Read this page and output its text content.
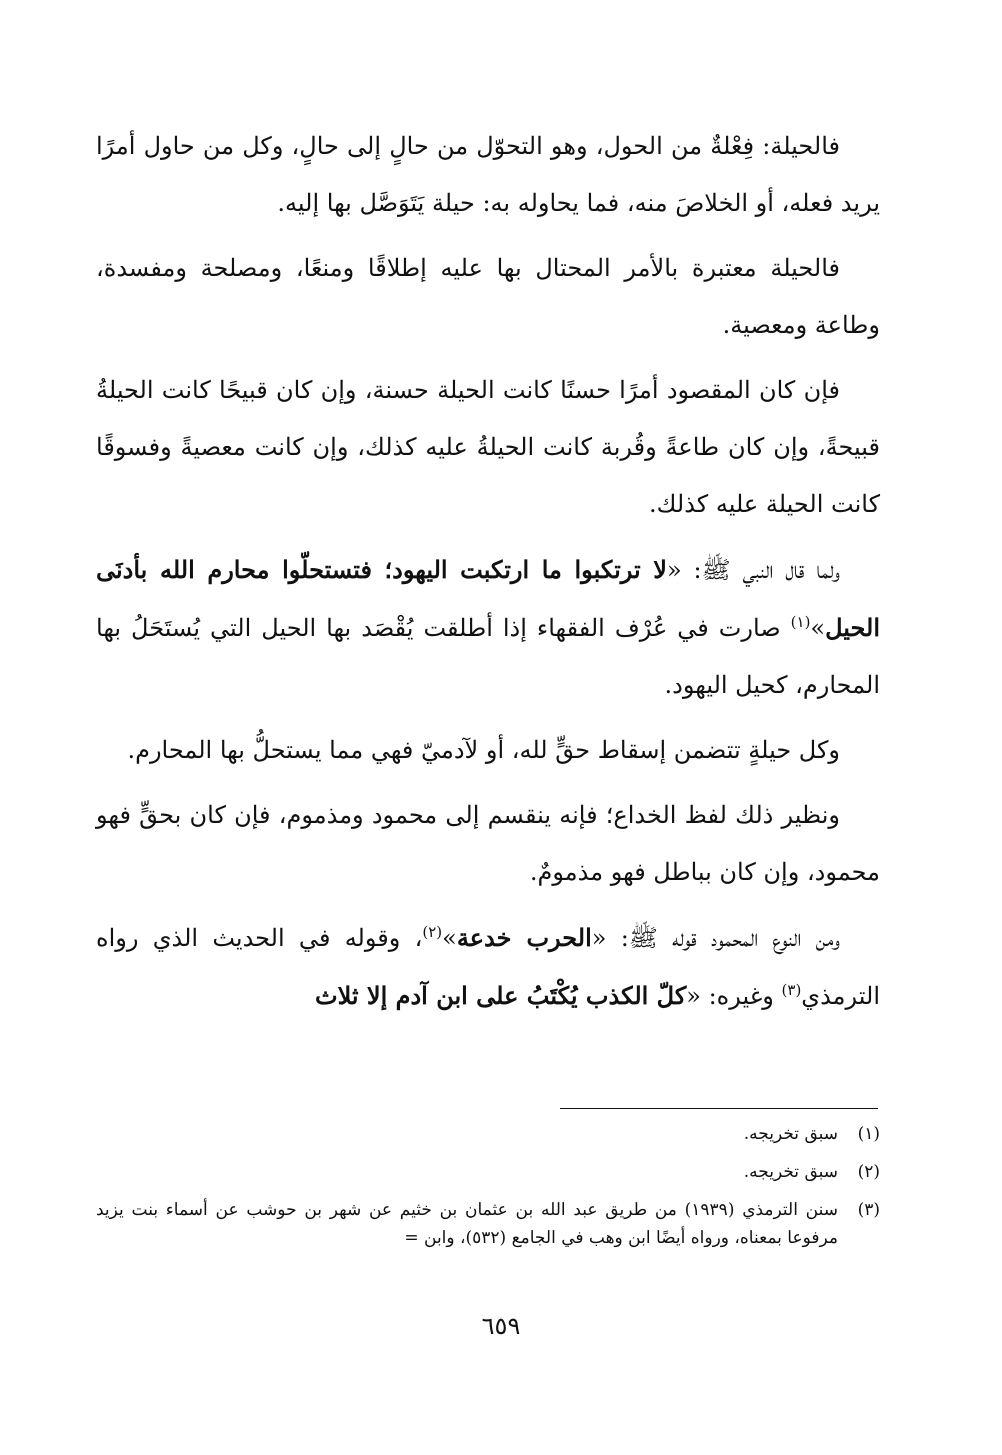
فالحيلة: فِعْلةٌ من الحول، وهو التحوّل من حالٍ إلى حالٍ، وكل من حاول أمرًا يريد فعله، أو الخلاصَ منه، فما يحاوله به: حيلة يَتَوَصَّل بها إليه.

فالحيلة معتبرة بالأمر المحتال بها عليه إطلاقًا ومنعًا، ومصلحة ومفسدة، وطاعة ومعصية.

فإن كان المقصود أمرًا حسنًا كانت الحيلة حسنة، وإن كان قبيحًا كانت الحيلةُ قبيحةً، وإن كان طاعةً وقُربة كانت الحيلةُ عليه كذلك، وإن كانت معصيةً وفسوقًا كانت الحيلة عليه كذلك.

ولما قال النبي ﷺ: «لا ترتكبوا ما ارتكبت اليهود؛ فتستحلّوا محارم الله بأدنَى الحيل»$^{(١)}$ صارت في عُرْف الفقهاء إذا أطلقت يُقْصَد بها الحيل التي يُستَحَلُ بها المحارم، كحيل اليهود.

وكل حيلةٍ تتضمن إسقاط حقٍّ لله، أو لآدميّ فهي مما يستحلُّ بها المحارم.

ونظير ذلك لفظ الخداع؛ فإنه ينقسم إلى محمود ومذموم، فإن كان بحقٍّ فهو محمود، وإن كان بباطل فهو مذمومٌ.

ومن النوع المحمود قوله ﷺ: «الحرب خدعة»$^{(٢)}$، وقوله في الحديث الذي رواه الترمذي$^{(٣)}$ وغيره: «كلّ الكذب يُكْتَبُ على ابن آدم إلا ثلاث

(١)
سبق تخريجه.
(٢)
سبق تخريجه.
(٣)
سنن الترمذي (١٩٣٩) من طريق عبد الله بن عثمان بن خثيم عن شهر بن حوشب عن أسماء بنت يزيد مرفوعا بمعناه، ورواه أيضًا ابن وهب في الجامع (٥٣٢)، وابن =
٦٥٩
